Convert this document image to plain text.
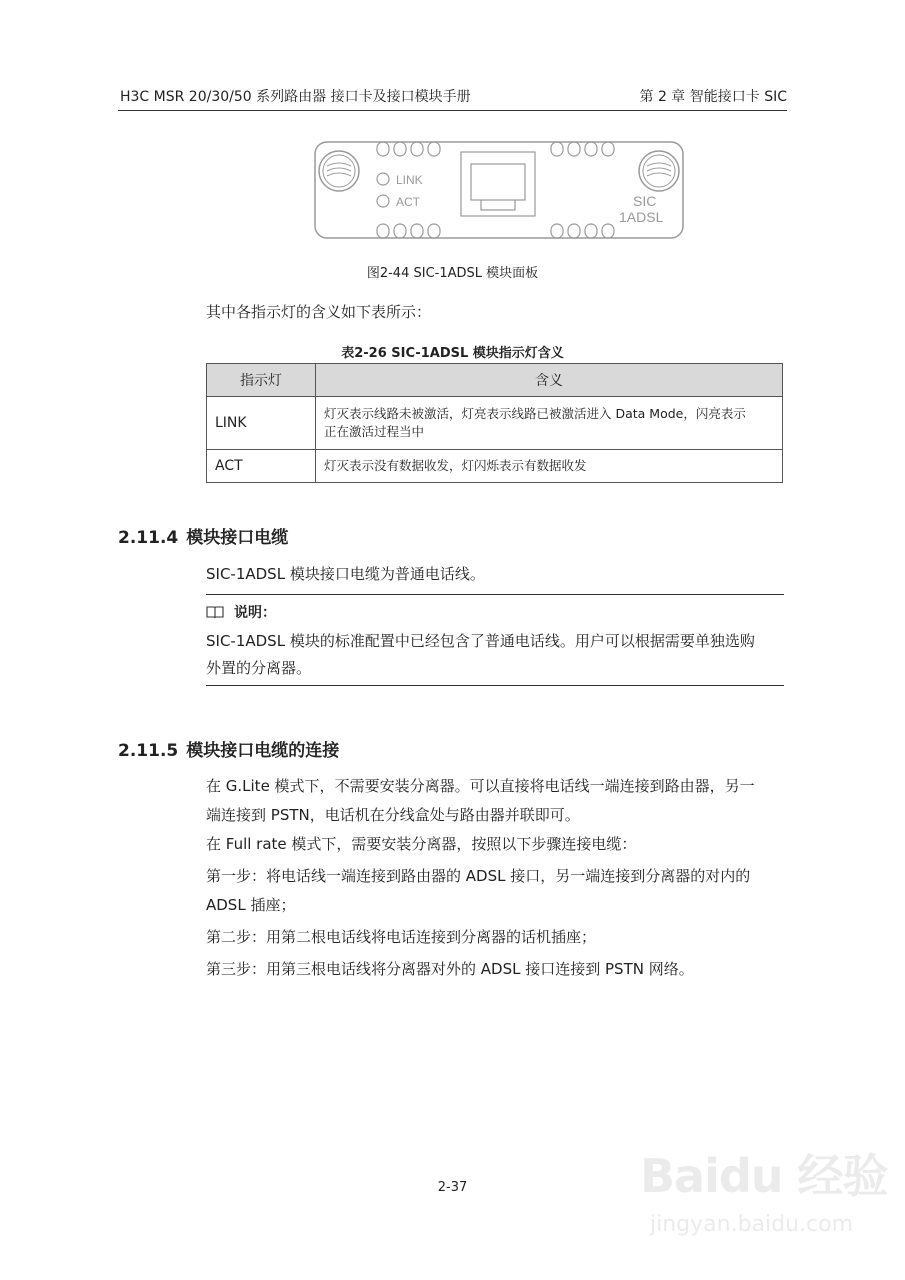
H3C MSR 20/30/50 系列路由器 接口卡及接口模块手册	第 2 章 智能接口卡 SIC
LINK
ACT	SIC
1ADSL
图2-44 SIC-1ADSL 模块面板
其中各指示灯的含义如下表所示：
表2-26 SIC-1ADSL 模块指示灯含义
指示灯	含义
LINK	灯灭表示线路未被激活，灯亮表示线路已被激活进入 Data Mode，闪亮表示
正在激活过程当中

ACT	灯灭表示没有数据收发，灯闪烁表示有数据收发
2.11.4 模块接口电缆
SIC-1ADSL 模块接口电缆为普通电话线。
说明：
SIC-1ADSL 模块的标准配置中已经包含了普通电话线。用户可以根据需要单独选购
外置的分离器。
2.11.5 模块接口电缆的连接
在 G.Lite 模式下，不需要安装分离器。可以直接将电话线一端连接到路由器，另一
端连接到 PSTN，电话机在分线盒处与路由器并联即可。
在 Full rate 模式下，需要安装分离器，按照以下步骤连接电缆：
第一步：将电话线一端连接到路由器的 ADSL 接口，另一端连接到分离器的对内的
ADSL 插座；
第二步：用第二根电话线将电话连接到分离器的话机插座；
第三步：用第三根电话线将分离器对外的 ADSL 接口连接到 PSTN 网络。
2-37	Baidu 经验
jingyan.baidu.com
